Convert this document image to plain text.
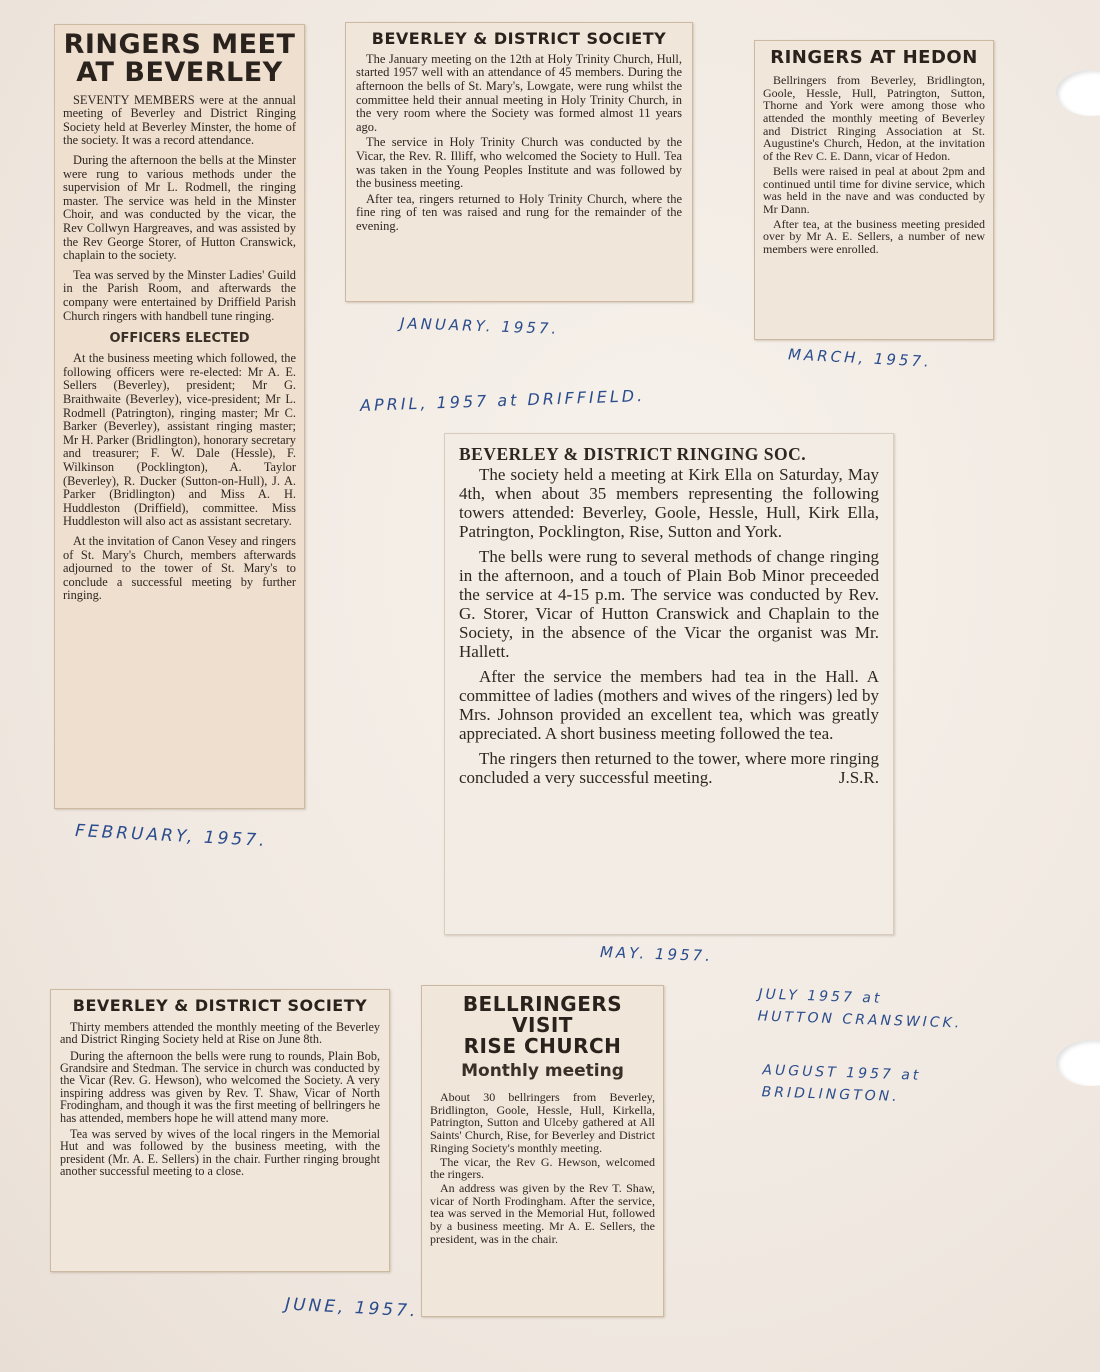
RINGERS MEET
AT BEVERLEY

SEVENTY MEMBERS were at the annual meeting of Beverley and District Ringing Society held at Beverley Minster, the home of the society. It was a record attendance.

During the afternoon the bells at the Minster were rung to various methods under the supervision of Mr L. Rodmell, the ringing master. The service was held in the Minster Choir, and was conducted by the vicar, the Rev Collwyn Hargreaves, and was assisted by the Rev George Storer, of Hutton Cranswick, chaplain to the society.

Tea was served by the Minster Ladies' Guild in the Parish Room, and afterwards the company were entertained by Driffield Parish Church ringers with handbell tune ringing.

OFFICERS ELECTED

At the business meeting which followed, the following officers were re-elected: Mr A. E. Sellers (Beverley), president; Mr G. Braithwaite (Beverley), vice-president; Mr L. Rodmell (Patrington), ringing master; Mr C. Barker (Beverley), assistant ringing master; Mr H. Parker (Bridlington), honorary secretary and treasurer; F. W. Dale (Hessle), F. Wilkinson (Pocklington), A. Taylor (Beverley), R. Ducker (Sutton-on-Hull), J. A. Parker (Bridlington) and Miss A. H. Huddleston (Driffield), committee. Miss Huddleston will also act as assistant secretary.

At the invitation of Canon Vesey and ringers of St. Mary's Church, members afterwards adjourned to the tower of St. Mary's to conclude a successful meeting by further ringing.

BEVERLEY & DISTRICT SOCIETY

The January meeting on the 12th at Holy Trinity Church, Hull, started 1957 well with an attendance of 45 members. During the afternoon the bells of St. Mary's, Lowgate, were rung whilst the committee held their annual meeting in Holy Trinity Church, in the very room where the Society was formed almost 11 years ago.

The service in Holy Trinity Church was conducted by the Vicar, the Rev. R. Illiff, who welcomed the Society to Hull. Tea was taken in the Young Peoples Institute and was followed by the business meeting.

After tea, ringers returned to Holy Trinity Church, where the fine ring of ten was raised and rung for the remainder of the evening.

RINGERS AT HEDON

Bellringers from Beverley, Bridlington, Goole, Hessle, Hull, Patrington, Sutton, Thorne and York were among those who attended the monthly meeting of Beverley and District Ringing Association at St. Augustine's Church, Hedon, at the invitation of the Rev C. E. Dann, vicar of Hedon.

Bells were raised in peal at about 2pm and continued until time for divine service, which was held in the nave and was conducted by Mr Dann.

After tea, at the business meeting presided over by Mr A. E. Sellers, a number of new members were enrolled.

BEVERLEY & DISTRICT RINGING SOC.

The society held a meeting at Kirk Ella on Saturday, May 4th, when about 35 members representing the following towers attended: Beverley, Goole, Hessle, Hull, Kirk Ella, Patrington, Pocklington, Rise, Sutton and York.

The bells were rung to several methods of change ringing in the afternoon, and a touch of Plain Bob Minor preceeded the service at 4-15 p.m. The service was conducted by Rev. G. Storer, Vicar of Hutton Cranswick and Chaplain to the Society, in the absence of the Vicar the organist was Mr. Hallett.

After the service the members had tea in the Hall. A committee of ladies (mothers and wives of the ringers) led by Mrs. Johnson provided an excellent tea, which was greatly appreciated. A short business meeting followed the tea.

The ringers then returned to the tower, where more ringing concluded a very successful meeting.	J.S.R.
BEVERLEY & DISTRICT SOCIETY

Thirty members attended the monthly meeting of the Beverley and District Ringing Society held at Rise on June 8th.

During the afternoon the bells were rung to rounds, Plain Bob, Grandsire and Stedman. The service in church was conducted by the Vicar (Rev. G. Hewson), who welcomed the Society. A very inspiring address was given by Rev. T. Shaw, Vicar of North Frodingham, and though it was the first meeting of bellringers he has attended, members hope he will attend many more.

Tea was served by wives of the local ringers in the Memorial Hut and was followed by the business meeting, with the president (Mr. A. E. Sellers) in the chair. Further ringing brought another successful meeting to a close.

BELLRINGERS VISIT
RISE CHURCH
Monthly meeting

About 30 bellringers from Beverley, Bridlington, Goole, Hessle, Hull, Kirkella, Patrington, Sutton and Ulceby gathered at All Saints' Church, Rise, for Beverley and District Ringing Society's monthly meeting.

The vicar, the Rev G. Hewson, welcomed the ringers.

An address was given by the Rev T. Shaw, vicar of North Frodingham. After the service, tea was served in the Memorial Hut, followed by a business meeting. Mr A. E. Sellers, the president, was in the chair.

JANUARY. 1957.
MARCH, 1957.
APRIL, 1957 at DRIFFIELD.
FEBRUARY, 1957.
MAY. 1957.
JUNE, 1957.
JULY 1957 at
HUTTON CRANSWICK.
AUGUST 1957 at
BRIDLINGTON.
